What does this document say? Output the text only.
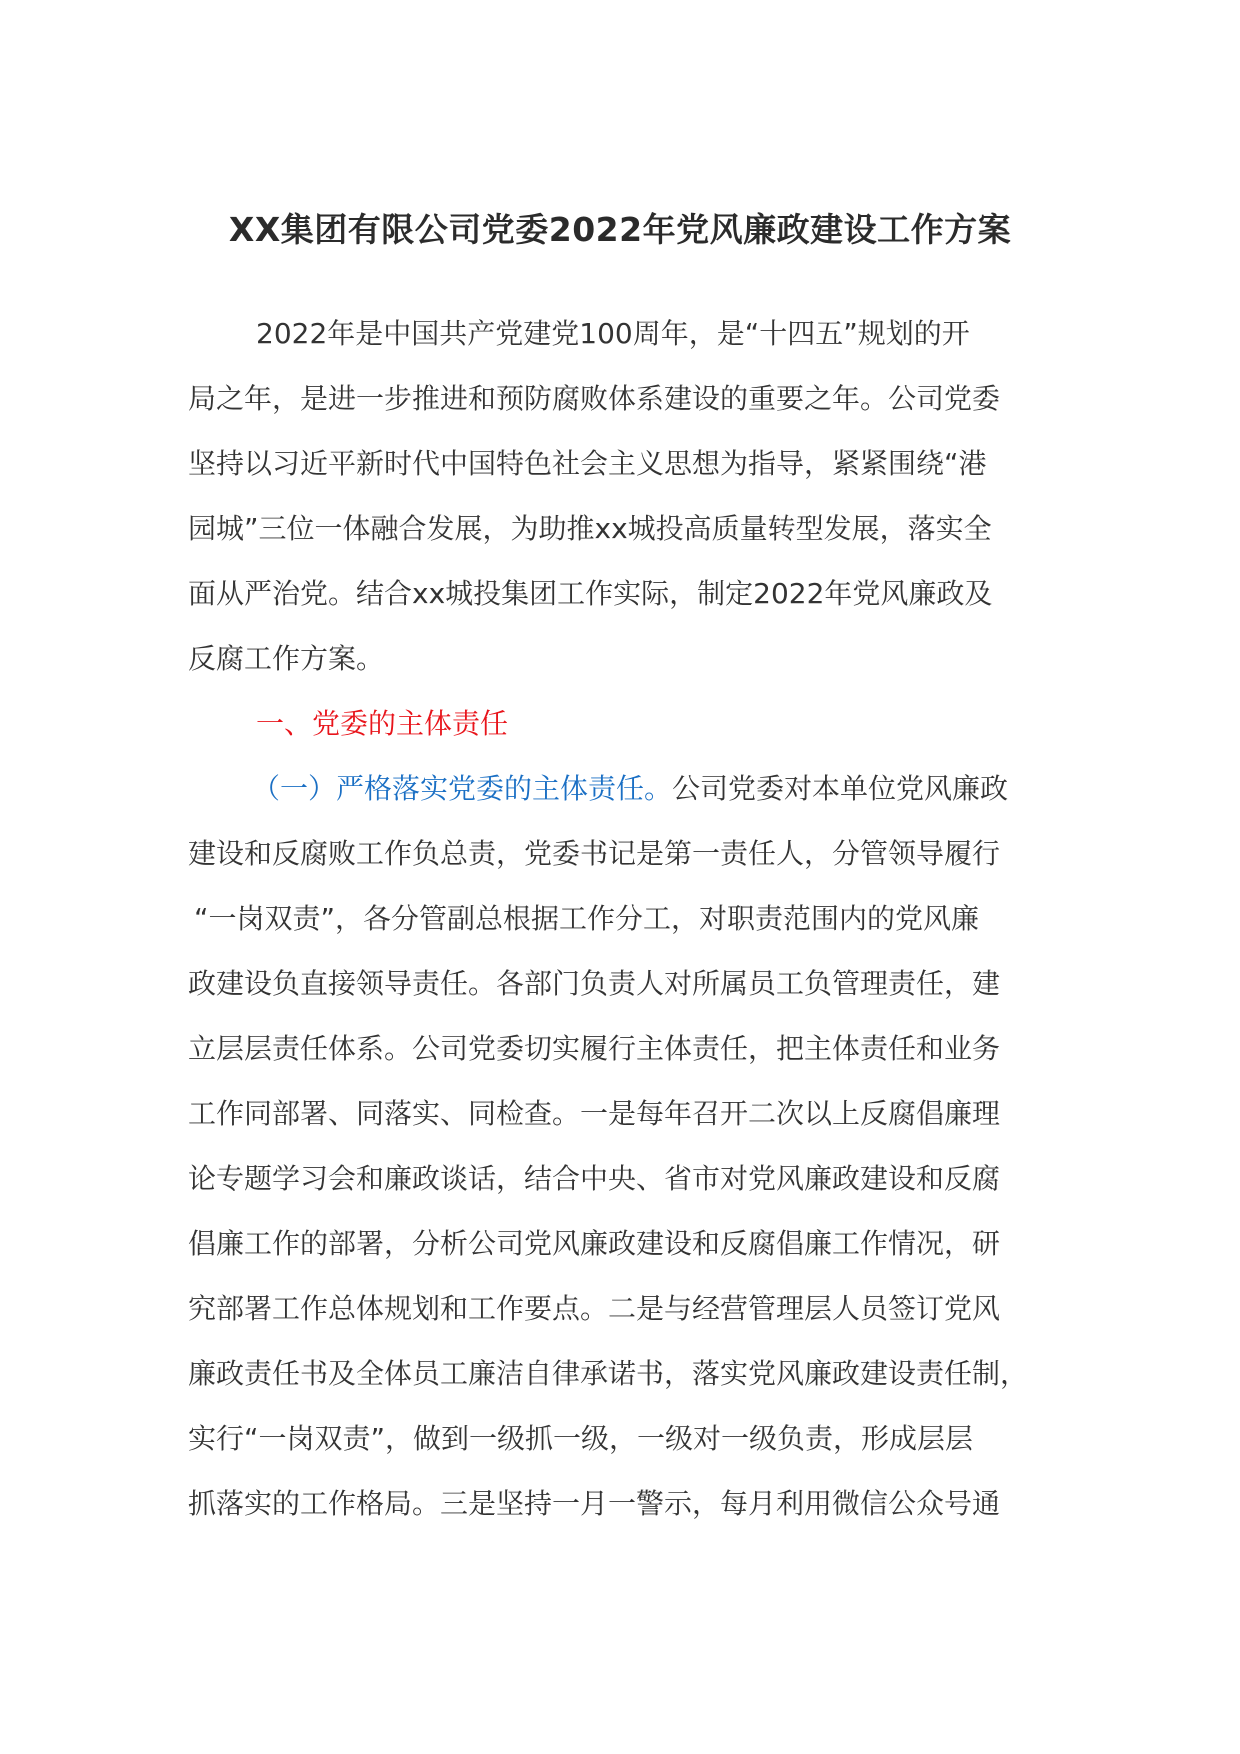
XX集团有限公司党委2022年党风廉政建设工作方案
2022年是中国共产党建党100周年，是“十四五”规划的开
局之年，是进一步推进和预防腐败体系建设的重要之年。公司党委
坚持以习近平新时代中国特色社会主义思想为指导，紧紧围绕“港
园城”三位一体融合发展，为助推xx城投高质量转型发展，落实全
面从严治党。结合xx城投集团工作实际，制定2022年党风廉政及
反腐工作方案。
一、党委的主体责任
（一）严格落实党委的主体责任。公司党委对本单位党风廉政
建设和反腐败工作负总责，党委书记是第一责任人，分管领导履行
“一岗双责”，各分管副总根据工作分工，对职责范围内的党风廉
政建设负直接领导责任。各部门负责人对所属员工负管理责任，建
立层层责任体系。公司党委切实履行主体责任，把主体责任和业务
工作同部署、同落实、同检查。一是每年召开二次以上反腐倡廉理
论专题学习会和廉政谈话，结合中央、省市对党风廉政建设和反腐
倡廉工作的部署，分析公司党风廉政建设和反腐倡廉工作情况，研
究部署工作总体规划和工作要点。二是与经营管理层人员签订党风
廉政责任书及全体员工廉洁自律承诺书，落实党风廉政建设责任制，
实行“一岗双责”，做到一级抓一级，一级对一级负责，形成层层
抓落实的工作格局。三是坚持一月一警示，每月利用微信公众号通
